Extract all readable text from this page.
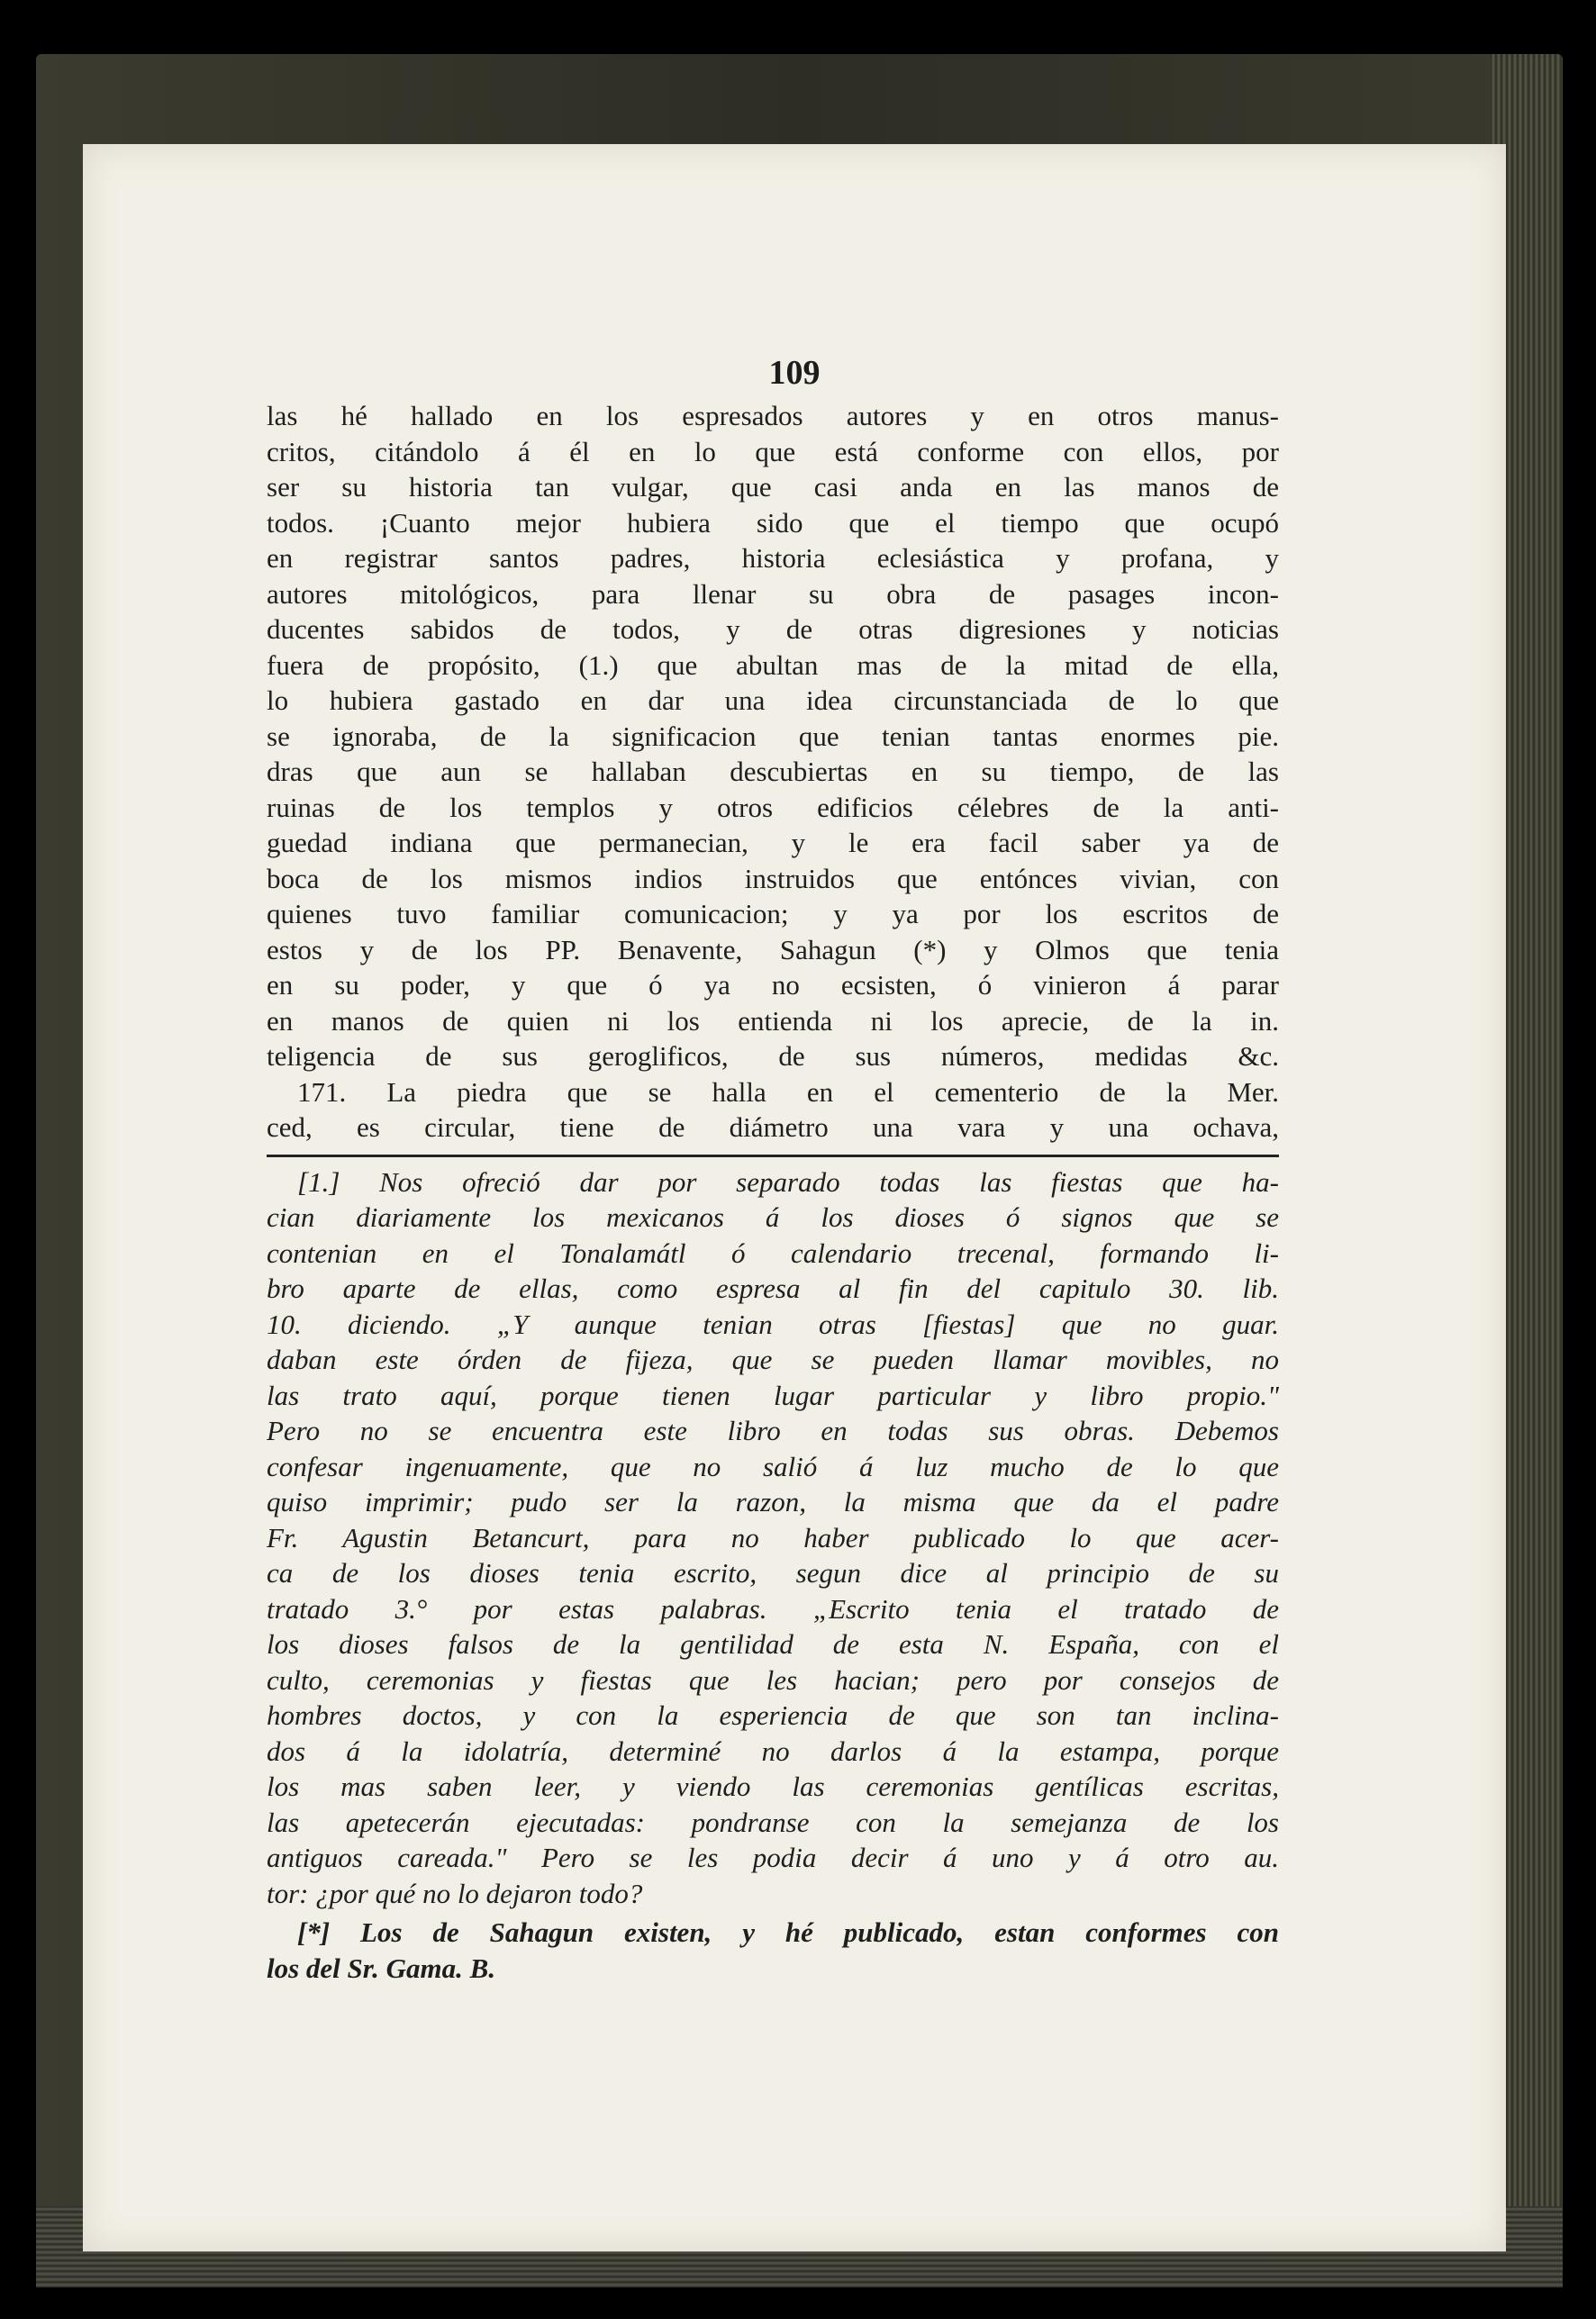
109
las hé hallado en los espresados autores y en otros manus-
critos, citándolo á él en lo que está conforme con ellos, por
ser su historia tan vulgar, que casi anda en las manos de
todos. ¡Cuanto mejor hubiera sido que el tiempo que ocupó
en registrar santos padres, historia eclesiástica y profana, y
autores mitológicos, para llenar su obra de pasages incon-
ducentes sabidos de todos, y de otras digresiones y noticias
fuera de propósito, (1.) que abultan mas de la mitad de ella,
lo hubiera gastado en dar una idea circunstanciada de lo que
se ignoraba, de la significacion que tenian tantas enormes pie.
dras que aun se hallaban descubiertas en su tiempo, de las
ruinas de los templos y otros edificios célebres de la anti-
guedad indiana que permanecian, y le era facil saber ya de
boca de los mismos indios instruidos que entónces vivian, con
quienes tuvo familiar comunicacion; y ya por los escritos de
estos y de los PP. Benavente, Sahagun (*) y Olmos que tenia
en su poder, y que ó ya no ecsisten, ó vinieron á parar
en manos de quien ni los entienda ni los aprecie, de la in.
teligencia de sus geroglificos, de sus números, medidas &c.
171. La piedra que se halla en el cementerio de la Mer.
ced, es circular, tiene de diámetro una vara y una ochava,
[1.] Nos ofreció dar por separado todas las fiestas que ha-
cian diariamente los mexicanos á los dioses ó signos que se
contenian en el Tonalamátl ó calendario trecenal, formando li-
bro aparte de ellas, como espresa al fin del capitulo 30. lib.
10. diciendo. „Y aunque tenian otras [fiestas] que no guar.
daban este órden de fijeza, que se pueden llamar movibles, no
las trato aquí, porque tienen lugar particular y libro propio."
Pero no se encuentra este libro en todas sus obras. Debemos
confesar ingenuamente, que no salió á luz mucho de lo que
quiso imprimir; pudo ser la razon, la misma que da el padre
Fr. Agustin Betancurt, para no haber publicado lo que acer-
ca de los dioses tenia escrito, segun dice al principio de su
tratado 3.° por estas palabras. „Escrito tenia el tratado de
los dioses falsos de la gentilidad de esta N. España, con el
culto, ceremonias y fiestas que les hacian; pero por consejos de
hombres doctos, y con la esperiencia de que son tan inclina-
dos á la idolatría, determiné no darlos á la estampa, porque
los mas saben leer, y viendo las ceremonias gentílicas escritas,
las apetecerán ejecutadas: pondranse con la semejanza de los
antiguos careada." Pero se les podia decir á uno y á otro au.
tor: ¿por qué no lo dejaron todo?
[*] Los de Sahagun existen, y hé publicado, estan conformes con
los del Sr. Gama. B.
